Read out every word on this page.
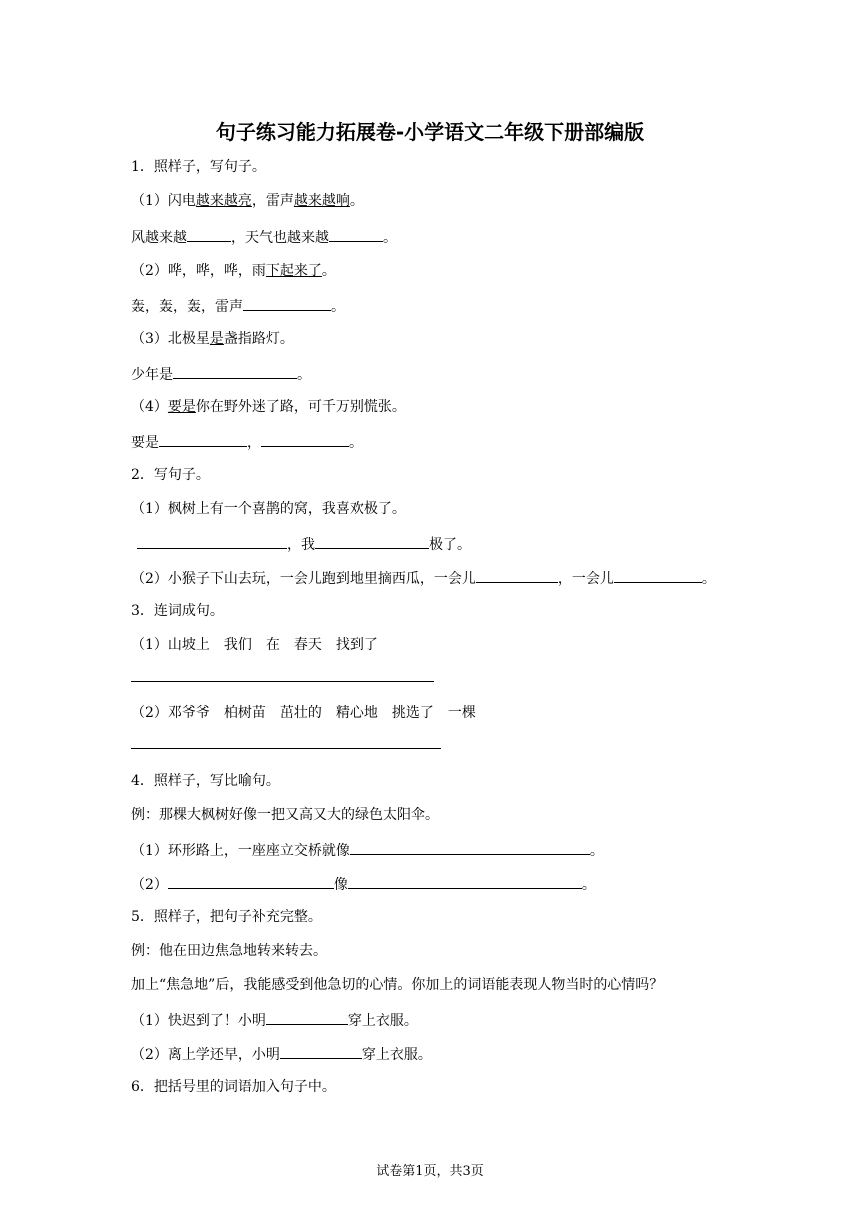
句子练习能力拓展卷-小学语文二年级下册部编版
1．照样子，写句子。
（1）闪电越来越亮，雷声越来越响。
风越来越	，天气也越来越	。
（2）哗，哗，哗，雨下起来了。
轰，轰，轰，雷声	。
（3）北极星是盏指路灯。
少年是	。
（4）要是你在野外迷了路，可千万别慌张。
要是	，	。
2．写句子。
（1）枫树上有一个喜鹊的窝，我喜欢极了。
，我	极了。
（2）小猴子下山去玩，一会儿跑到地里摘西瓜，一会儿	，一会儿	。
3．连词成句。
（1）山坡上 我们 在 春天 找到了
（2）邓爷爷 柏树苗 茁壮的 精心地 挑选了 一棵
4．照样子，写比喻句。
例：那棵大枫树好像一把又高又大的绿色太阳伞。
（1）环形路上，一座座立交桥就像	。
（2）	像	。
5．照样子，把句子补充完整。
例：他在田边焦急地转来转去。
加上“焦急地”后，我能感受到他急切的心情。你加上的词语能表现人物当时的心情吗？
（1）快迟到了！小明	穿上衣服。
（2）离上学还早，小明	穿上衣服。
6．把括号里的词语加入句子中。
试卷第1页，共3页
